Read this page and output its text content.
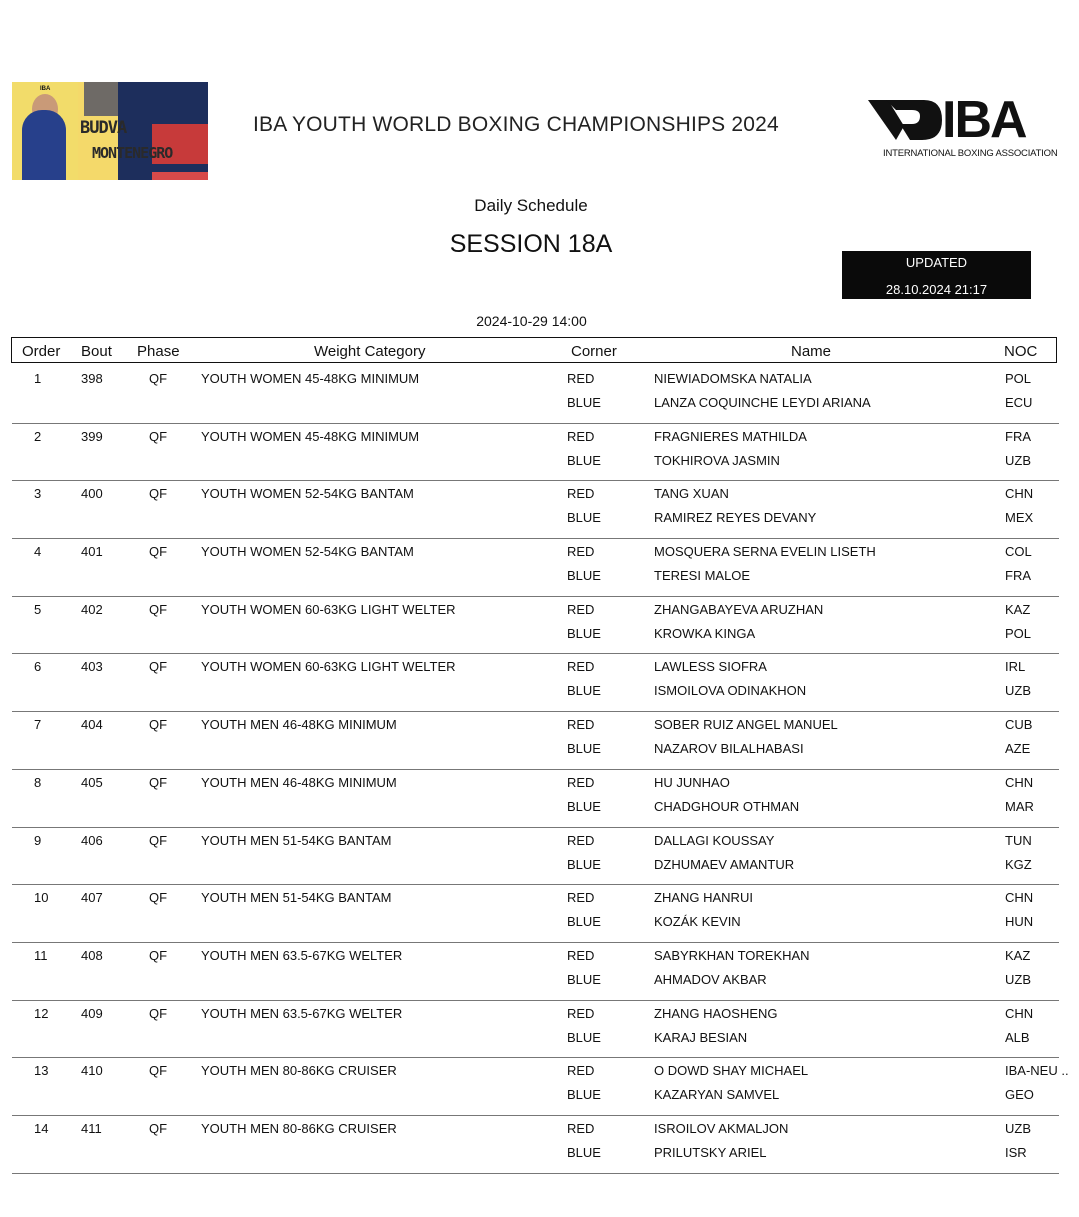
IBA
BUDVA
MONTENEGRO
IBA YOUTH WORLD BOXING CHAMPIONSHIPS 2024	IBA
INTERNATIONAL BOXING ASSOCIATION
Daily Schedule
SESSION 18A
UPDATED
28.10.2024 21:17
2024-10-29 14:00
Order Bout Phase	Weight Category	Corner	Name	NOC
1	398	QF	YOUTH WOMEN 45-48KG MINIMUM	RED	NIEWIADOMSKA NATALIA	POL
BLUE	LANZA COQUINCHE LEYDI ARIANA	ECU
2	399	QF	YOUTH WOMEN 45-48KG MINIMUM	RED	FRAGNIERES MATHILDA	FRA
BLUE	TOKHIROVA JASMIN	UZB
3	400	QF	YOUTH WOMEN 52-54KG BANTAM	RED	TANG XUAN	CHN
BLUE	RAMIREZ REYES DEVANY	MEX
4	401	QF	YOUTH WOMEN 52-54KG BANTAM	RED	MOSQUERA SERNA EVELIN LISETH	COL
BLUE	TERESI MALOE	FRA
5	402	QF	YOUTH WOMEN 60-63KG LIGHT WELTER	RED	ZHANGABAYEVA ARUZHAN	KAZ
BLUE	KROWKA KINGA	POL
6	403	QF	YOUTH WOMEN 60-63KG LIGHT WELTER	RED	LAWLESS SIOFRA	IRL
BLUE	ISMOILOVA ODINAKHON	UZB
7	404	QF	YOUTH MEN 46-48KG MINIMUM	RED	SOBER RUIZ ANGEL MANUEL	CUB
BLUE	NAZAROV BILALHABASI	AZE
8	405	QF	YOUTH MEN 46-48KG MINIMUM	RED	HU JUNHAO	CHN
BLUE	CHADGHOUR OTHMAN	MAR
9	406	QF	YOUTH MEN 51-54KG BANTAM	RED	DALLAGI KOUSSAY	TUN
BLUE	DZHUMAEV AMANTUR	KGZ
10	407	QF	YOUTH MEN 51-54KG BANTAM	RED	ZHANG HANRUI	CHN
BLUE	KOZÁK KEVIN	HUN
11	408	QF	YOUTH MEN 63.5-67KG WELTER	RED	SABYRKHAN TOREKHAN	KAZ
BLUE	AHMADOV AKBAR	UZB
12	409	QF	YOUTH MEN 63.5-67KG WELTER	RED	ZHANG HAOSHENG	CHN
BLUE	KARAJ BESIAN	ALB
13	410	QF	YOUTH MEN 80-86KG CRUISER	RED	O DOWD SHAY MICHAEL	IBA-NEU ..
BLUE	KAZARYAN SAMVEL	GEO
14	411	QF	YOUTH MEN 80-86KG CRUISER	RED	ISROILOV AKMALJON	UZB
BLUE	PRILUTSKY ARIEL	ISR
